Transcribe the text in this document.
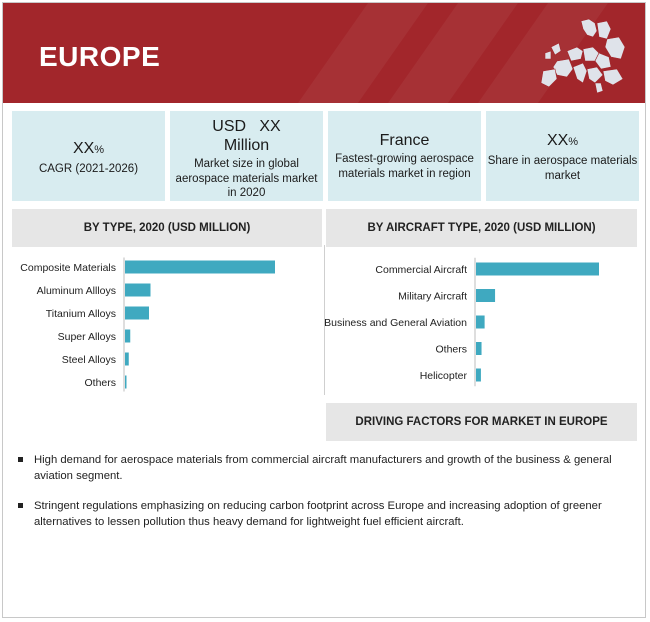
EUROPE
XX%
CAGR (2021-2026)
USD   XX Million
Market size in global aerospace materials market in 2020
France
Fastest-growing aerospace materials market in region
XX%
Share in aerospace materials market
BY TYPE, 2020 (USD MILLION)	BY AIRCRAFT TYPE, 2020 (USD MILLION)
Composite Materials
Aluminum Allloys
Titanium Alloys
Super Alloys
Steel Alloys
Others
Commercial Aircraft
Military Aircraft
Business and General Aviation
Others
Helicopter
DRIVING FACTORS FOR MARKET IN EUROPE
High demand for aerospace materials from commercial aircraft manufacturers and growth of the business & general aviation segment.
Stringent regulations emphasizing on reducing carbon footprint across Europe and increasing adoption of greener alternatives to lessen pollution thus heavy demand for lightweight fuel efficient aircraft.
